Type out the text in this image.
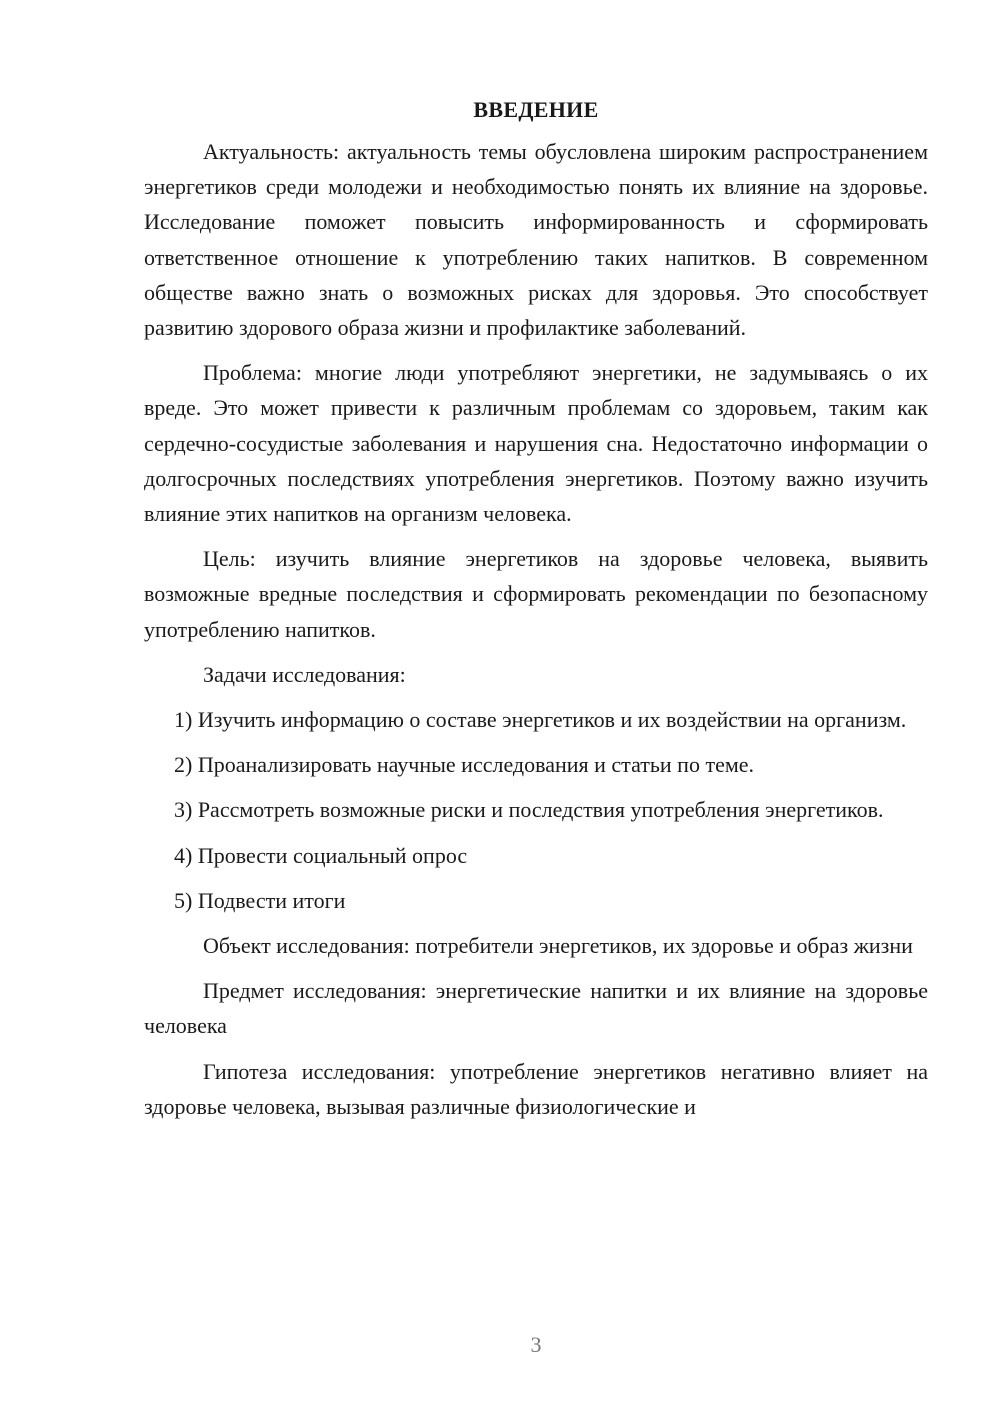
ВВЕДЕНИЕ

Актуальность: актуальность темы обусловлена широким распространением энергетиков среди молодежи и необходимостью понять их влияние на здоровье. Исследование поможет повысить информированность и сформировать ответственное отношение к употреблению таких напитков. В современном обществе важно знать о возможных рисках для здоровья. Это способствует развитию здорового образа жизни и профилактике заболеваний.

Проблема: многие люди употребляют энергетики, не задумываясь о их вреде. Это может привести к различным проблемам со здоровьем, таким как сердечно-сосудистые заболевания и нарушения сна. Недостаточно информации о долгосрочных последствиях употребления энергетиков. Поэтому важно изучить влияние этих напитков на организм человека.

Цель: изучить влияние энергетиков на здоровье человека, выявить возможные вредные последствия и сформировать рекомендации по безопасному употреблению напитков.

Задачи исследования:

1) Изучить информацию о составе энергетиков и их воздействии на организм.

2) Проанализировать научные исследования и статьи по теме.

3) Рассмотреть возможные риски и последствия употребления энергетиков.

4) Провести социальный опрос

5) Подвести итоги

Объект исследования: потребители энергетиков, их здоровье и образ жизни

Предмет исследования: энергетические напитки и их влияние на здоровье человека

Гипотеза исследования: употребление энергетиков негативно влияет на здоровье человека, вызывая различные физиологические и

3
